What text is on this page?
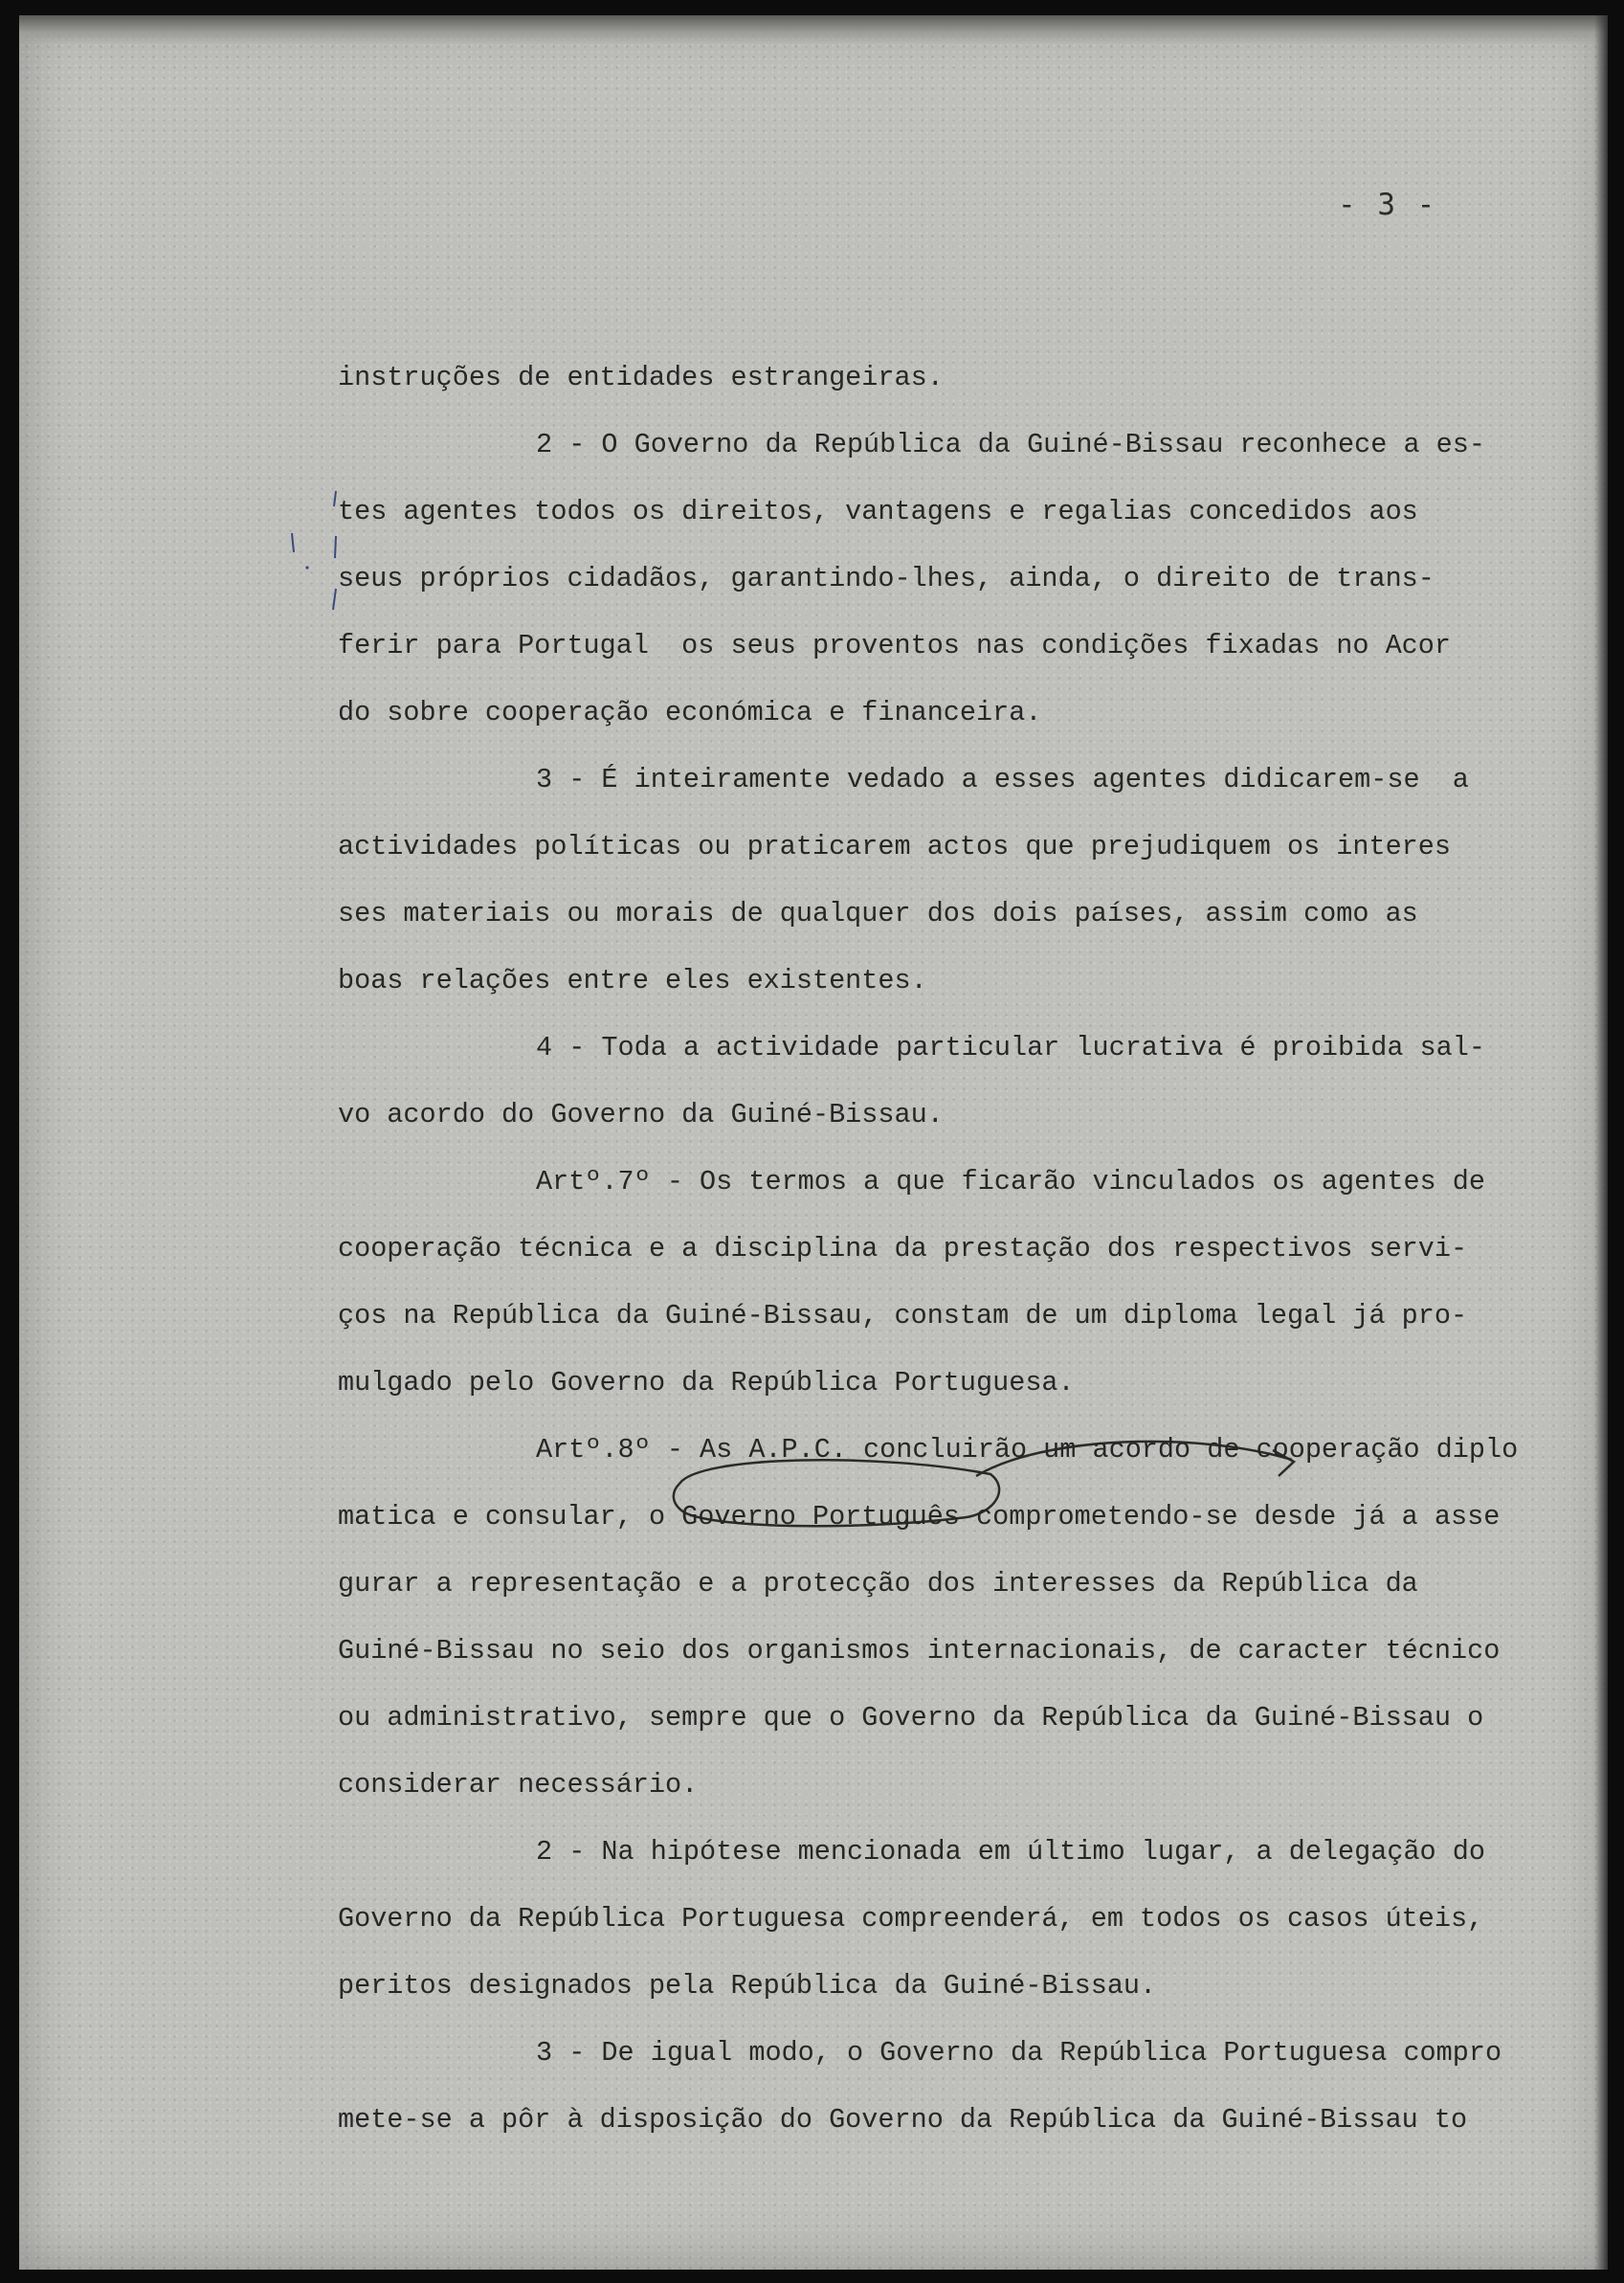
- 3 -
instruções de entidades estrangeiras.
2 - O Governo da República da Guiné-Bissau reconhece a es-
tes agentes todos os direitos, vantagens e regalias concedidos aos
seus próprios cidadãos, garantindo-lhes, ainda, o direito de trans-
ferir para Portugal  os seus proventos nas condições fixadas no Acor
do sobre cooperação económica e financeira.
3 - É inteiramente vedado a esses agentes didicarem-se  a
actividades políticas ou praticarem actos que prejudiquem os interes
ses materiais ou morais de qualquer dos dois países, assim como as
boas relações entre eles existentes.
4 - Toda a actividade particular lucrativa é proibida sal-
vo acordo do Governo da Guiné-Bissau.
Artº.7º - Os termos a que ficarão vinculados os agentes de
cooperação técnica e a disciplina da prestação dos respectivos servi-
ços na República da Guiné-Bissau, constam de um diploma legal já pro-
mulgado pelo Governo da República Portuguesa.
Artº.8º - As A.P.C. concluirão um acordo de cooperação diplo
matica e consular, o Governo Português comprometendo-se desde já a asse
gurar a representação e a protecção dos interesses da República da
Guiné-Bissau no seio dos organismos internacionais, de caracter técnico
ou administrativo, sempre que o Governo da República da Guiné-Bissau o
considerar necessário.
2 - Na hipótese mencionada em último lugar, a delegação do
Governo da República Portuguesa compreenderá, em todos os casos úteis,
peritos designados pela República da Guiné-Bissau.
3 - De igual modo, o Governo da República Portuguesa compro
mete-se a pôr à disposição do Governo da República da Guiné-Bissau to
